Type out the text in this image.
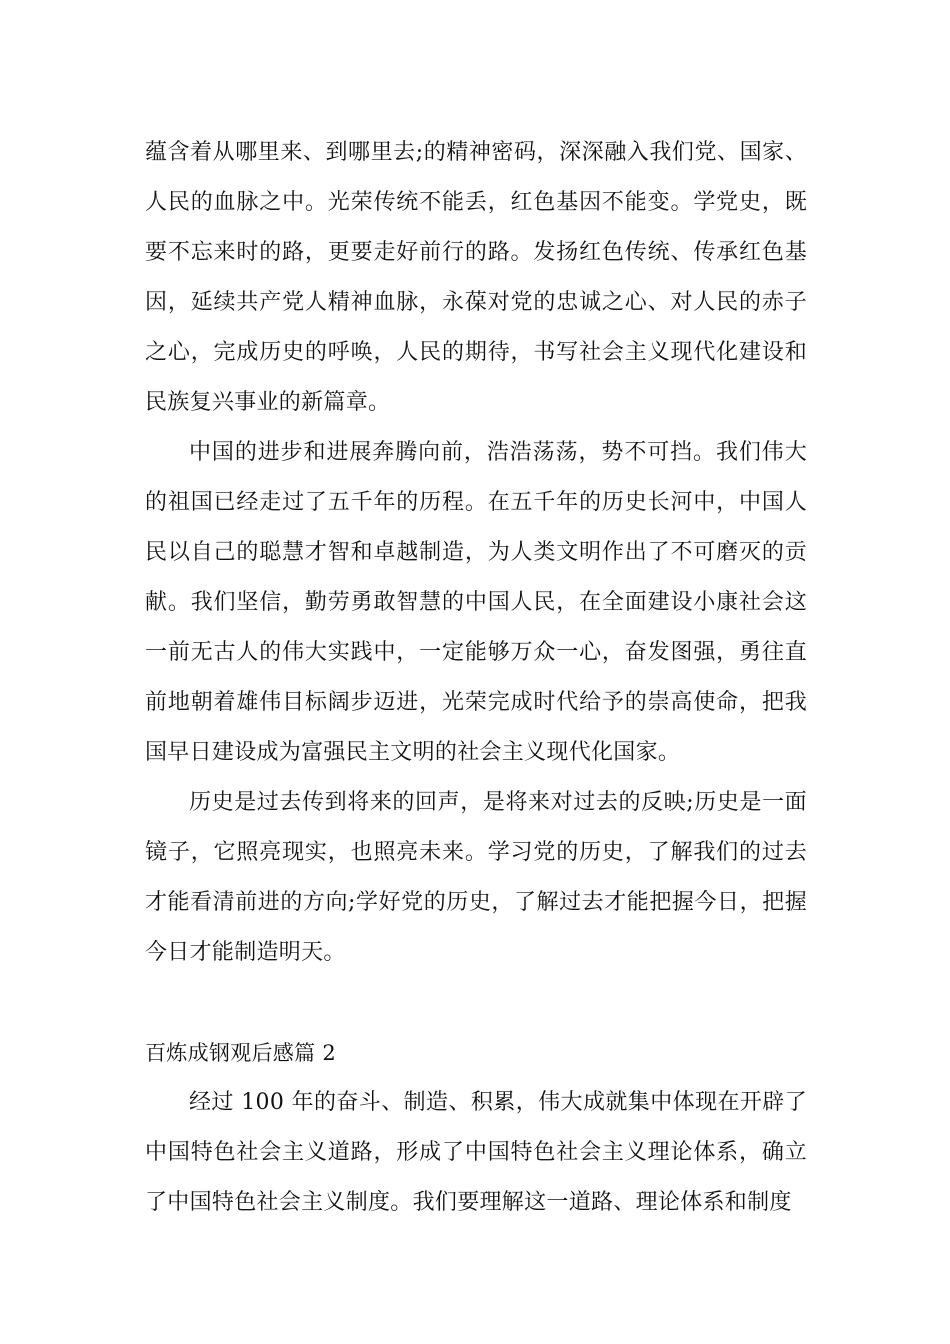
蕴含着从哪里来、到哪里去;的精神密码，深深融入我们党、国家、人民的血脉之中。光荣传统不能丢，红色基因不能变。学党史，既要不忘来时的路，更要走好前行的路。发扬红色传统、传承红色基因，延续共产党人精神血脉，永葆对党的忠诚之心、对人民的赤子之心，完成历史的呼唤，人民的期待，书写社会主义现代化建设和民族复兴事业的新篇章。

中国的进步和进展奔腾向前，浩浩荡荡，势不可挡。我们伟大的祖国已经走过了五千年的历程。在五千年的历史长河中，中国人民以自己的聪慧才智和卓越制造，为人类文明作出了不可磨灭的贡献。我们坚信，勤劳勇敢智慧的中国人民，在全面建设小康社会这一前无古人的伟大实践中，一定能够万众一心，奋发图强，勇往直前地朝着雄伟目标阔步迈进，光荣完成时代给予的崇高使命，把我国早日建设成为富强民主文明的社会主义现代化国家。

历史是过去传到将来的回声，是将来对过去的反映;历史是一面镜子，它照亮现实，也照亮未来。学习党的历史，了解我们的过去才能看清前进的方向;学好党的历史，了解过去才能把握今日，把握今日才能制造明天。

百炼成钢观后感篇 2

经过 100 年的奋斗、制造、积累，伟大成就集中体现在开辟了中国特色社会主义道路，形成了中国特色社会主义理论体系，确立了中国特色社会主义制度。我们要理解这一道路、理论体系和制度
